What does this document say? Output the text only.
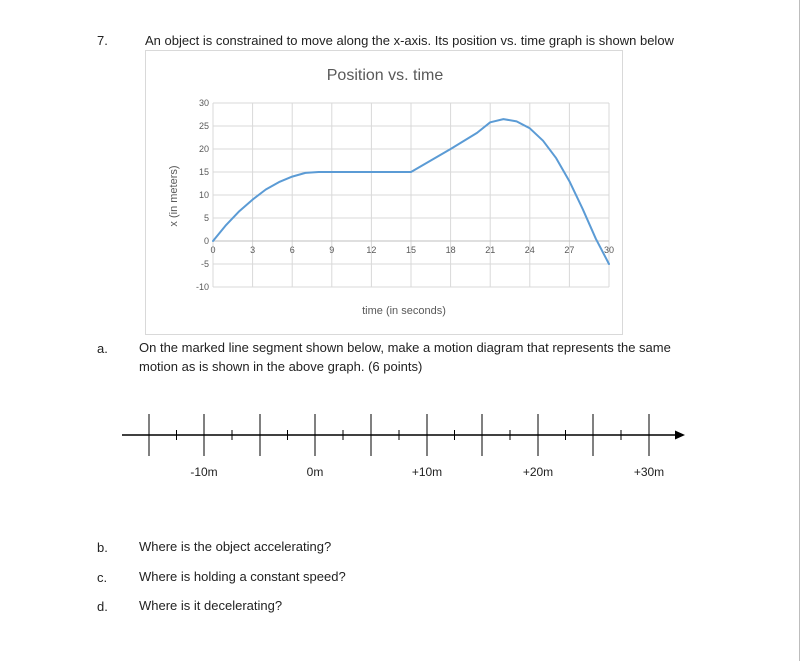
7.	An object is constrained to move along the x-axis. Its position vs. time graph is shown below
30
25
20
15
10
5
0
-5
-10
0	3	6	9	12	15	18	21	24	27	30
Position vs. time
time (in seconds)
x (in meters)
a. On the marked line segment shown below, make a motion diagram that represents the same
motion as is shown in the above graph. (6 points)
-10m	0m	+10m	+20m	+30m
b. Where is the object accelerating?
c. Where is holding a constant speed?
d. Where is it decelerating?
